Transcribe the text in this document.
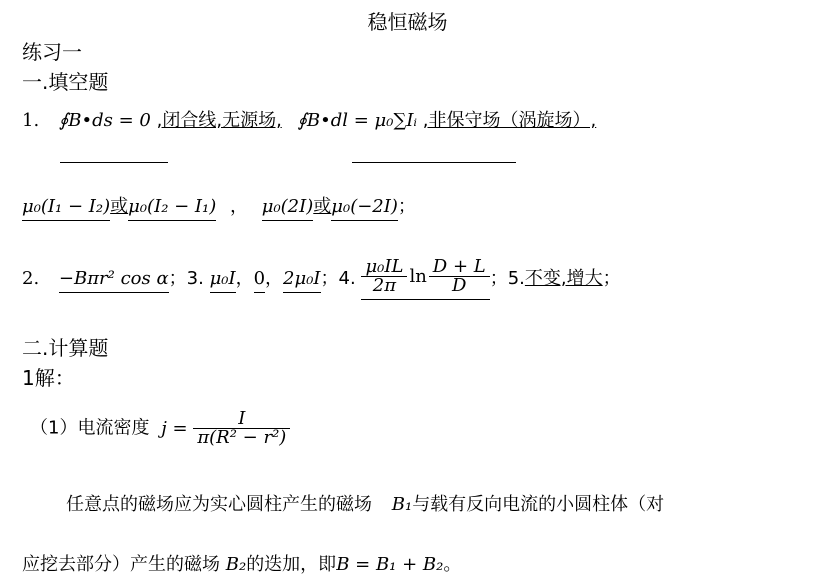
稳恒磁场
练习一
一.填空题
1. ∮B•ds = 0 ,闭合线,无源场, ∮B•dl = μ₀∑Iᵢ ,非保守场（涡旋场）,
μ₀(I₁ − I₂)或μ₀(I₂ − I₁) ， μ₀(2I)或μ₀(−2I)；
2. −Bπr² cos α；3. μ₀I，0，2μ₀I；4. $\frac{\text{μ₀IL}}{2\pi}$ $\ln \frac{D + L}{D}$ ；5.不变,增大；
二.计算题
1解：
（1）电流密度 $j = \frac{I}{\text{π(R² − r²)}}$
任意点的磁场应为实心圆柱产生的磁场 B₁与载有反向电流的小圆柱体（对
应挖去部分）产生的磁场 B₂的迭加，即B = B₁ + B₂。
